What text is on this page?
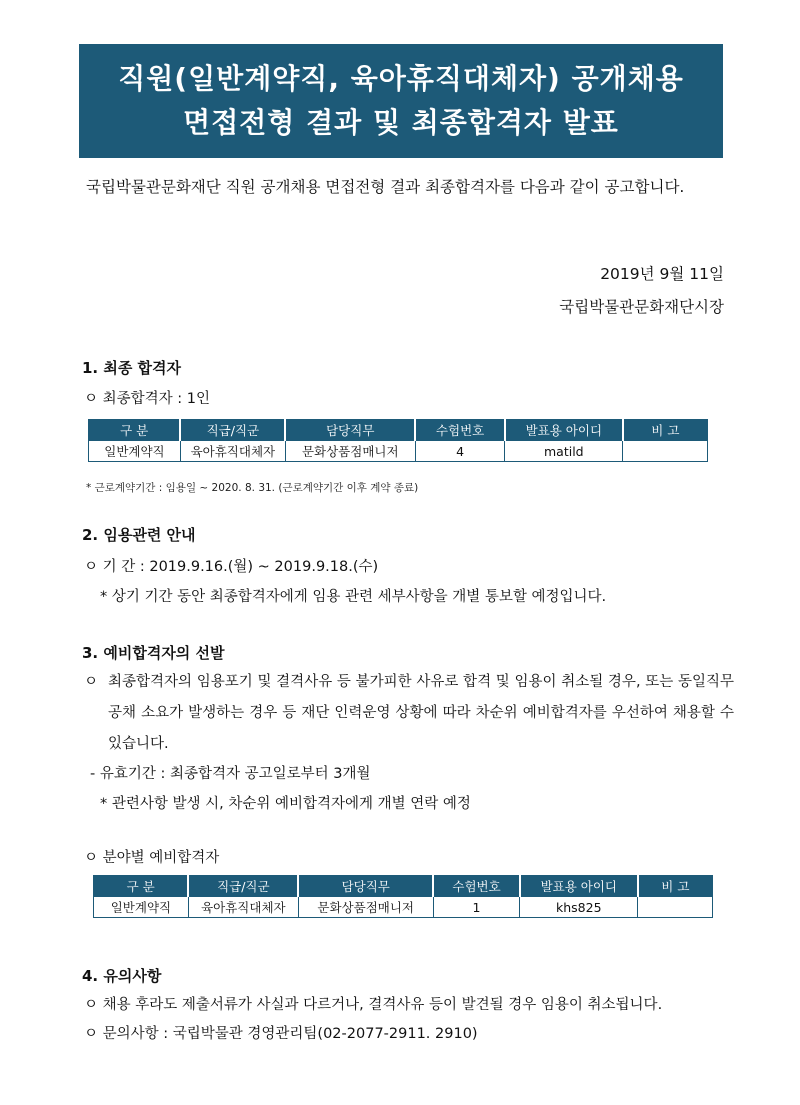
직원(일반계약직, 육아휴직대체자) 공개채용
면접전형 결과 및 최종합격자 발표
국립박물관문화재단 직원 공개채용 면접전형 결과 최종합격자를 다음과 같이 공고합니다.
2019년 9월 11일
국립박물관문화재단시장
1. 최종 합격자
ㅇ 최종합격자 : 1인
구 분	직급/직군	담당직무	수험번호	발표용 아이디	비 고
일반계약직	육아휴직대체자	문화상품점매니저	4	matild	
* 근로계약기간 : 임용일 ~ 2020. 8. 31. (근로계약기간 이후 계약 종료)
2. 임용관련 안내
ㅇ 기 간 : 2019.9.16.(월) ~ 2019.9.18.(수)
* 상기 기간 동안 최종합격자에게 임용 관련 세부사항을 개별 통보할 예정입니다.
3. 예비합격자의 선발
ㅇ 최종합격자의 임용포기 및 결격사유 등 불가피한 사유로 합격 및 임용이 취소될 경우, 또는 동일직무 공채 소요가 발생하는 경우 등 재단 인력운영 상황에 따라 차순위 예비합격자를 우선하여 채용할 수 있습니다.
- 유효기간 : 최종합격자 공고일로부터 3개월
* 관련사항 발생 시, 차순위 예비합격자에게 개별 연락 예정
ㅇ 분야별 예비합격자
구 분	직급/직군	담당직무	수험번호	발표용 아이디	비 고
일반계약직	육아휴직대체자	문화상품점매니저	1	khs825	
4. 유의사항
ㅇ 채용 후라도 제출서류가 사실과 다르거나, 결격사유 등이 발견될 경우 임용이 취소됩니다.
ㅇ 문의사항 : 국립박물관 경영관리팀(02-2077-2911. 2910)
